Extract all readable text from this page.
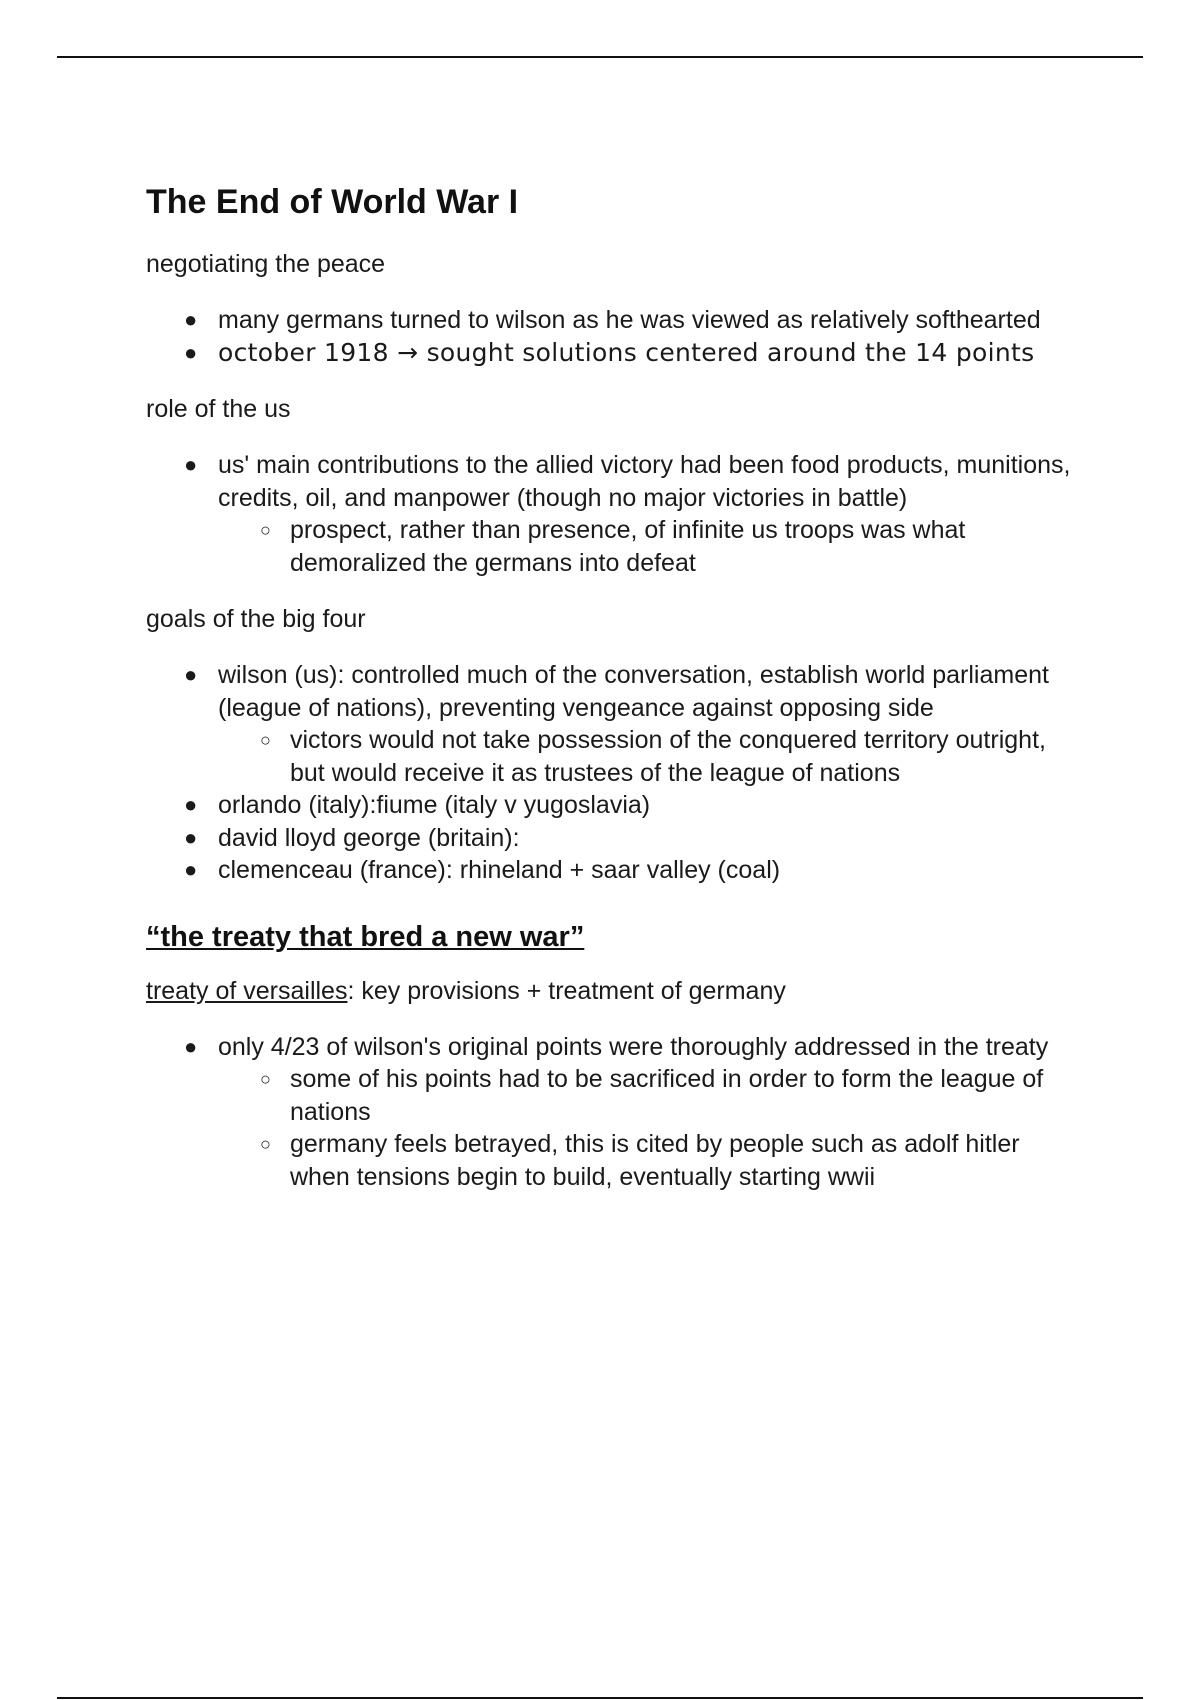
The End of World War I
negotiating the peace
● many germans turned to wilson as he was viewed as relatively softhearted
● october 1918 → sought solutions centered around the 14 points
role of the us
● us' main contributions to the allied victory had been food products, munitions, credits, oil, and manpower (though no major victories in battle)
○ prospect, rather than presence, of infinite us troops was what demoralized the germans into defeat
goals of the big four
● wilson (us): controlled much of the conversation, establish world parliament (league of nations), preventing vengeance against opposing side
○ victors would not take possession of the conquered territory outright, but would receive it as trustees of the league of nations
● orlando (italy):fiume (italy v yugoslavia)
● david lloyd george (britain):
● clemenceau (france): rhineland + saar valley (coal)
“the treaty that bred a new war”
treaty of versailles: key provisions + treatment of germany
● only 4/23 of wilson's original points were thoroughly addressed in the treaty
○ some of his points had to be sacrificed in order to form the league of nations
○ germany feels betrayed, this is cited by people such as adolf hitler when tensions begin to build, eventually starting wwii
